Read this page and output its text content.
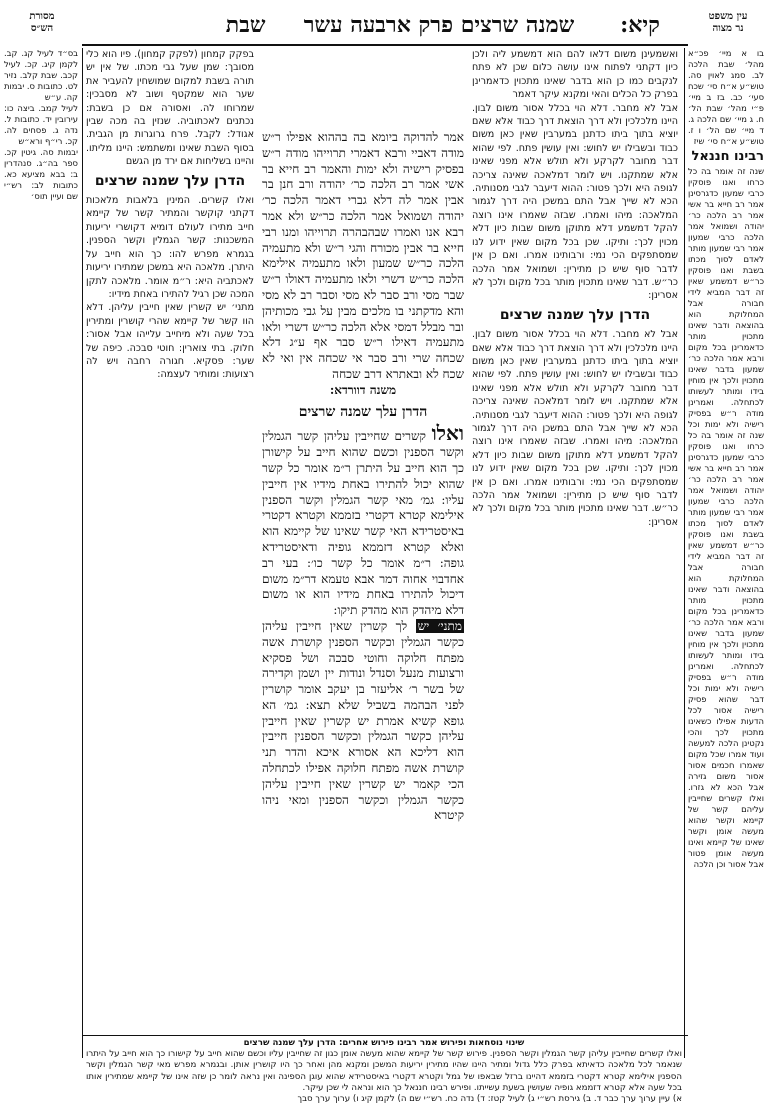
עין משפט
נר מצוה
קיא:
שמנה שרצים פרק ארבעה עשר     שבת
מסורת
הש״ס

בו א מיי׳ פכ״א מהל׳ שבת הלכה לב. סמג לאוין סה. טוש״ע א״ח סי׳ שכח סעי׳ כב. בז ב מיי׳ פ״י מהל׳ שבת הל׳ ח. ג מיי׳ שם הלכה ג. ד מיי׳ שם הל׳ ו ז. טוש״ע א״ח סי׳ שיז

רבינו חננאל

שנה זה אומר בה כל כרחו ואנו פוסקין כרבי שמעון כדגרסינן אמר רב חייא בר אשי אמר רב הלכה כר׳ יהודה ושמואל אמר הלכה כרבי שמעון אמר רבי שמעון מותר לאדם לסוך מכתו בשבת ואנו פוסקין כר״ש דמשמע שאין זה דבר המביא לידי חבורה אבל המחלוקת הוא בהוצאה ודבר שאינו מתכוין מותר כדאמרינן בכל מקום ורבא אמר הלכה כר׳ שמעון בדבר שאינו מתכוין ולכך אין מוחין בידו ומותר לעשותו לכתחלה. ואמרינן מודה ר״ש בפסיק רישיה ולא ימות וכל

שנה זה אומר בה כל כרחו ואנו פוסקין כרבי שמעון כדגרסינן אמר רב חייא בר אשי אמר רב הלכה כר׳ יהודה ושמואל אמר הלכה כרבי שמעון אמר רבי שמעון מותר לאדם לסוך מכתו בשבת ואנו פוסקין כר״ש דמשמע שאין זה דבר המביא לידי חבורה אבל המחלוקת הוא בהוצאה ודבר שאינו מתכוין מותר כדאמרינן בכל מקום ורבא אמר הלכה כר׳ שמעון בדבר שאינו מתכוין ולכך אין מוחין בידו ומותר לעשותו לכתחלה. ואמרינן מודה ר״ש בפסיק רישיה ולא ימות וכל דבר שהוא פסיק רישיה אסור לכל הדעות אפילו כשאינו מתכוין לכך והכי נקטינן הלכה למעשה ועוד אמרו שכל מקום שאמרו חכמים אסור אסור משום גזירה אבל הכא לא גזרו. ואלו קשרים שחייבין עליהם קשר של קיימא וקשר שהוא מעשה אומן וקשר שאינו של קיימא ואינו מעשה אומן פטור אבל אסור וכן הלכה

ואשמעינן משום דלאו להם הוא דמשמע ליה ולכן כיון דקתני לפתוח אינו עושה כלום שכן לא פתח לנקבים כמו כן הוא בדבר שאינו מתכוין כדאמרינן בפרק כל הכלים והאי ומקנא עיקר דאמר

אבל לא מחבר. דלא הוי בכלל אסור משום לבון. היינו מלכלכין ולא דרך הוצאת דרך כבוד אלא שאם יוציא בתוך ביתו כדתנן במערבין שאין כאן משום כבוד ובשבילו יש לחוש: ואין עושין פתח. לפי שהוא דבר מחובר לקרקע ולא תולש אלא מפני שאינו אלא שמתקנו. ויש לומר דמלאכה שאינה צריכה לגופה היא ולכך פטור: ההוא דיעבר לגבי מסנותיה. הכא לא שייך אבל התם במשכן היה דרך לגמור המלאכה: מיהו ואמרו. שבזה שאמרו אינו רוצה להקל דמשמע דלא מתוקן משום שבות כיון דלא מכוין לכך: ותיקו. שכן בכל מקום שאין ידוע לנו שמסתפקים הכי נמי: ורבותינו אמרו. ואם כן אין לדבר סוף שיש כן מתירין: ושמואל אמר הלכה כר״ש. דבר שאינו מתכוין מותר בכל מקום ולכך לא אסרינן:

הדרן עלך שמנה שרצים

אבל לא מחבר. דלא הוי בכלל אסור משום לבון. היינו מלכלכין ולא דרך הוצאת דרך כבוד אלא שאם יוציא בתוך ביתו כדתנן במערבין שאין כאן משום כבוד ובשבילו יש לחוש: ואין עושין פתח. לפי שהוא דבר מחובר לקרקע ולא תולש אלא מפני שאינו אלא שמתקנו. ויש לומר דמלאכה שאינה צריכה לגופה היא ולכך פטור: ההוא דיעבר לגבי מסנותיה. הכא לא שייך אבל התם במשכן היה דרך לגמור המלאכה: מיהו ואמרו. שבזה שאמרו אינו רוצה להקל דמשמע דלא מתוקן משום שבות כיון דלא מכוין לכך: ותיקו. שכן בכל מקום שאין ידוע לנו שמסתפקים הכי נמי: ורבותינו אמרו. ואם כן אין לדבר סוף שיש כן מתירין: ושמואל אמר הלכה כר״ש. דבר שאינו מתכוין מותר בכל מקום ולכך לא אסרינן:

אמר להדוקה ביומא בה בההוא אפילו ר״ש מודה דאביי ורבא דאמרי תרוייהו מודה ר״ש בפסיק רישיה ולא ימות והאמר רב חייא בר אשי אמר רב הלכה כר׳ יהודה ורב חנן בר אבין אמר לה דלא גברי דאמר הלכה כר׳ יהודה ושמואל אמר הלכה כר״ש ולא אמר רבא אנו ואמרו שבהבהרה תרוייהו ומנו רבי חייא בר אבין מכורח והגי ר״ש ולא מתעמיה הלכה כר״ש שמעון ולאו מתעמיה אילימא הלכה כר״ש דשרי ולאו מתעמיה דאולו ר״ש שבר מסי ורב סבר לא מסי וסבר רב לא מסי והא מדקתני בו מלכים מבין על גבי מכותיהן ובר מבלל דמסי אלא הלכה כר״ש דשרי ולאו מתעמיה דאילו ר״ש סבר אף ע״ג דלא שכחה שרי ורב סבר אי שכחה אין ואי לא שכח לא ובאתרא דרב שכחה

משנה דוורדא:

הדרן עלך שמנה שרצים

ואלו קשרים שחייבין עליהן קשר הגמלין וקשר הספנין וכשם שהוא חייב על קישורן כך הוא חייב על היתרן ר״מ אומר כל קשר שהוא יכול להתירו באחת מידיו אין חייבין עליו: גמ׳ מאי קשר הגמלין וקשר הספנין אילימא קטרא דקטרי בזממא וקטרא דקטרי באיסטרידא האי קשר שאינו של קיימא הוא ואלא קטרא דזממא גופיה ודאיסטרידא גופה: ר״מ אומר כל קשר כו׳: בעי רב אחדבוי אחוה דמר אבא טעמא דר״מ משום דיכול להתירו באחת מידיו הוא או משום דלא מיהדק הוא מהדק תיקו:

מתני׳ יש לך קשרין שאין חייבין עליהן כקשר הגמלין וכקשר הספנין קושרת אשה מפתח חלוקה וחוטי סבכה ושל פסקיא ורצועות מנעל וסנדל ונודות יין ושמן וקדירה של בשר ר׳ אליעזר בן יעקב אומר קושרין לפני הבהמה בשביל שלא תצא: גמ׳ הא גופא קשיא אמרת יש קשרין שאין חייבין עליהן כקשר הגמלין וכקשר הספנין חייבין הוא דליכא הא אסורא איכא והדר תני קושרת אשה מפתח חלוקה אפילו לכתחלה הכי קאמר יש קשרין שאין חייבין עליהן כקשר הגמלין וכקשר הספנין ומאי ניהו קיטרא

בפקק קמחון (לפקק קמחון). פיו הוא כלי מסובך: שמן שעל גבי מכתו. של אין יש תורה בשבת למקום שמושחין להעביר את שער הוא שמקטף ושוב לא מסבכין: שמרוחו לה. ואסורה אם כן בשבת: נכתנים לאכתוביה. שנזין בה מכה שבין אגודל: לקבל. פרח גרוגרות מן הגבית. בסוף השבת שאינו ומשתמש: היינו מליתו. והיינו בשליחות אם ירד מן הגשם

הדרן עלך שמנה שרצים

ואלו קשרים. המינין בלאבות מלאכות דקתני קוקשר והמתיר קשר של קיימא חייב מתירו לעולם דומיא דקושרי יריעות המשכנות: קשר הגמלין וקשר הספנין. בגמרא מפרש להו: כך הוא חייב על היתרן. מלאכה היא במשכן שמתירו יריעות לאכתביה היא: ר״מ אומר. מלאכה לתקן המכה שכן רגיל להתירו באחת מידיו:

מתני׳ יש קשרין שאין חייבין עליהן. דלא הוו קשר של קיימא שהרי קושרין ומתירין בכל שעה ולא מיחייב עלייהו אבל אסור: חלוק. בתי צוארין: חוטי סבכה. כיפה של שער: פסקיא. חגורה רחבה ויש לה רצועות: ומותיר לעצמה:

בס״ד לעיל קג. קב. לקמן קיג. קכ. לעיל קכב. שבת קלב. נזיר לט. כתובות ס. יבמות קה. ע״ש

לעיל קמב. ביצה כו: עירובין יד. כתובות ל. נדה ג. פסחים לה. קכ. רי״ף ורא״ש

יבמות סה. גיטין קכ. ספר בה״ג. סנהדרין ב: בבא מציעא כא. כתובות לב: רש״י שם ועיין תוס׳

שינוי נוסחאות ופירוש אמר רבינו פירוש אחרים: הדרן עלך שמנה שרצים

ואלו קשרים שחייבין עליהן קשר הגמלין וקשר הספנין. פירוש קשר של קיימא שהוא מעשה אומן כגון זה שחייבין עליו וכשם שהוא חייב על קישורו כך הוא חייב על היתרו שנאמר לכל מלאכה כדאיתא בפרק כלל גדול ומתיר היינו שהיו מתירין יריעות המשכן ומקנא מהן ואחר כך היו קושרין אותן. ובגמרא מפרש מאי קשר הגמלין וקשר הספנין אילימא קטרא דקטרי בזממא דהיינו ברזל שבאפו של גמל וקטרא דקטרי באיסטרידא שהוא עוגן הספינה ואין נראה לומר כן שזה אינו של קיימא שמתירין אותו בכל שעה אלא קטרא דזממא גופיה שעושין בשעת עשייתו. ופירש רבינו חננאל כך הוא ונראה לי שכן עיקר.

א) עיין ערוך ערך כבר ד. ב) גירסת רש״י ג) לעיל קטז: ד) נדה כח. רש״י שם ה) לקמן קיג ו) ערוך ערך סבך
